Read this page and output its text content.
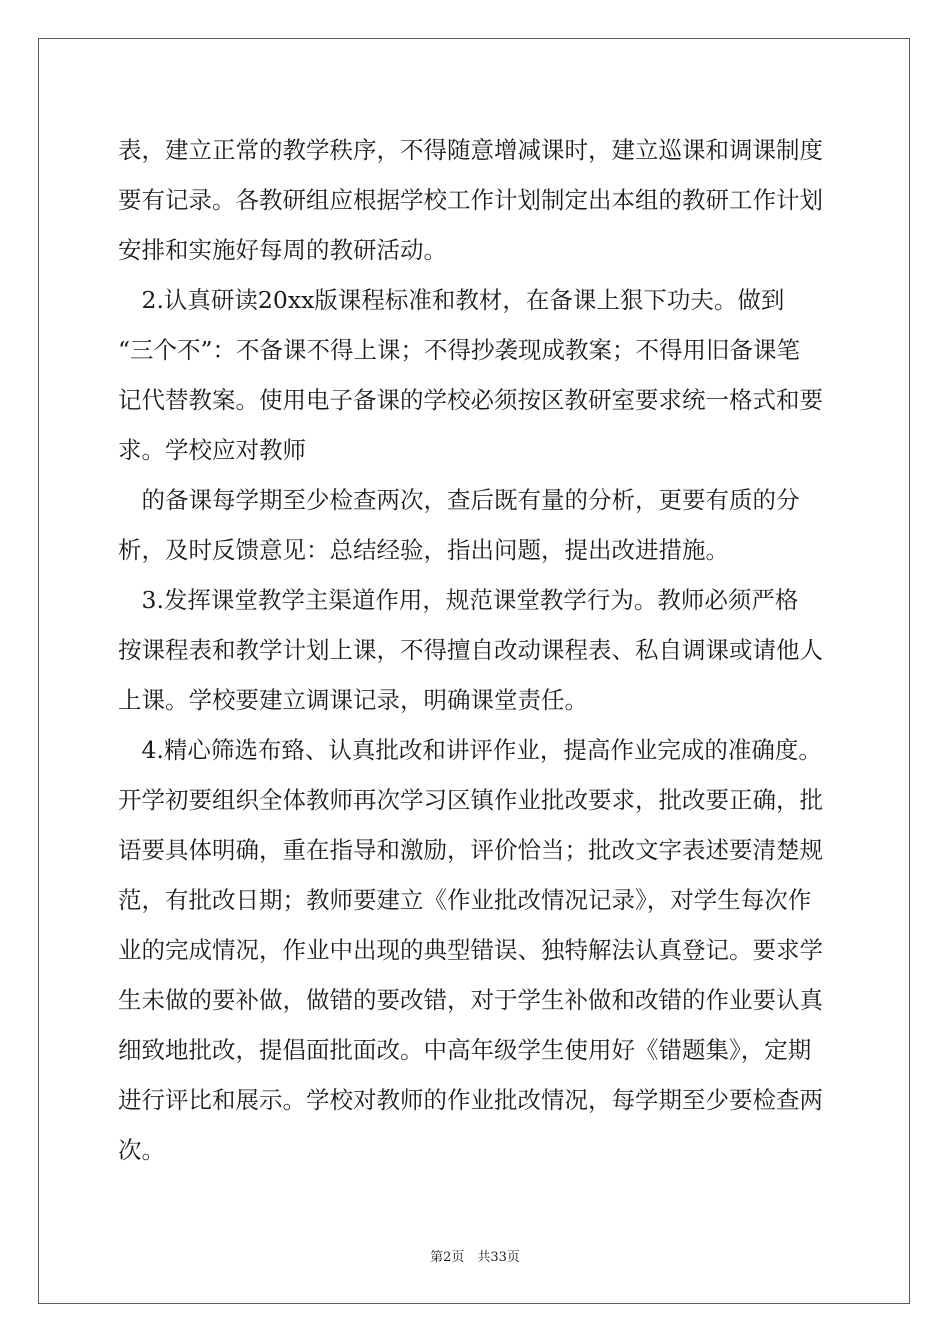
表，建立正常的教学秩序，不得随意增减课时，建立巡课和调课制度
要有记录。各教研组应根据学校工作计划制定出本组的教研工作计划
安排和实施好每周的教研活动。
　2.认真研读20xx版课程标准和教材，在备课上狠下功夫。做到
“三个不”：不备课不得上课；不得抄袭现成教案；不得用旧备课笔
记代替教案。使用电子备课的学校必须按区教研室要求统一格式和要
求。学校应对教师
　的备课每学期至少检查两次，查后既有量的分析，更要有质的分
析，及时反馈意见：总结经验，指出问题，提出改进措施。
　3.发挥课堂教学主渠道作用，规范课堂教学行为。教师必须严格
按课程表和教学计划上课，不得擅自改动课程表、私自调课或请他人
上课。学校要建立调课记录，明确课堂责任。
　4.精心筛选布臵、认真批改和讲评作业，提高作业完成的准确度。
开学初要组织全体教师再次学习区镇作业批改要求，批改要正确，批
语要具体明确，重在指导和激励，评价恰当；批改文字表述要清楚规
范，有批改日期；教师要建立《作业批改情况记录》，对学生每次作
业的完成情况，作业中出现的典型错误、独特解法认真登记。要求学
生未做的要补做，做错的要改错，对于学生补做和改错的作业要认真
细致地批改，提倡面批面改。中高年级学生使用好《错题集》，定期
进行评比和展示。学校对教师的作业批改情况，每学期至少要检查两
次。
第2页　共33页
